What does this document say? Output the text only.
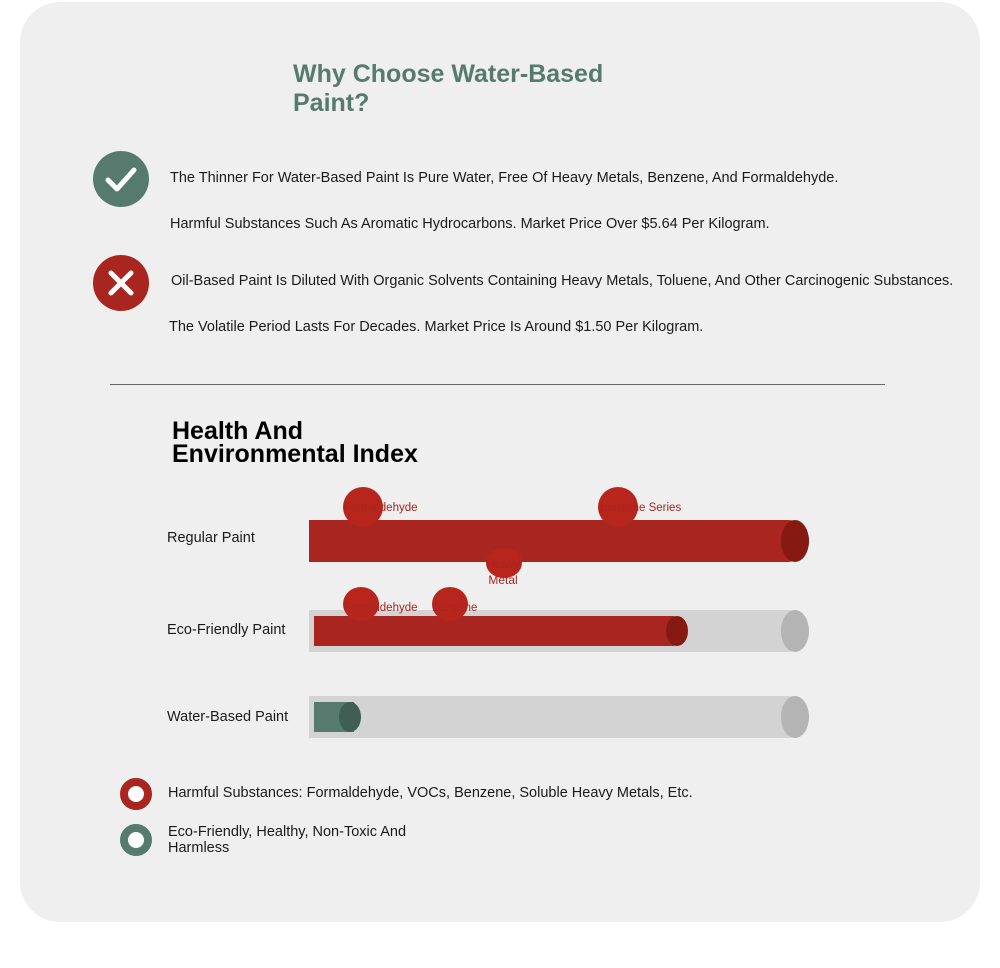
Why Choose Water-Based Paint?
The Thinner For Water-Based Paint Is Pure Water, Free Of Heavy Metals, Benzene, And Formaldehyde.
Harmful Substances Such As Aromatic Hydrocarbons. Market Price Over $5.64 Per Kilogram.
Oil-Based Paint Is Diluted With Organic Solvents Containing Heavy Metals, Toluene, And Other Carcinogenic Substances.
The Volatile Period Lasts For Decades. Market Price Is Around $1.50 Per Kilogram.
Health And Environmental Index
Regular Paint
Formaldehyde	Benzene Series
Heavy Metal
Eco-Friendly Paint
Formaldehyde Benzene
Water-Based Paint
Harmful Substances: Formaldehyde, VOCs, Benzene, Soluble Heavy Metals, Etc.
Eco-Friendly, Healthy, Non-Toxic And Harmless
